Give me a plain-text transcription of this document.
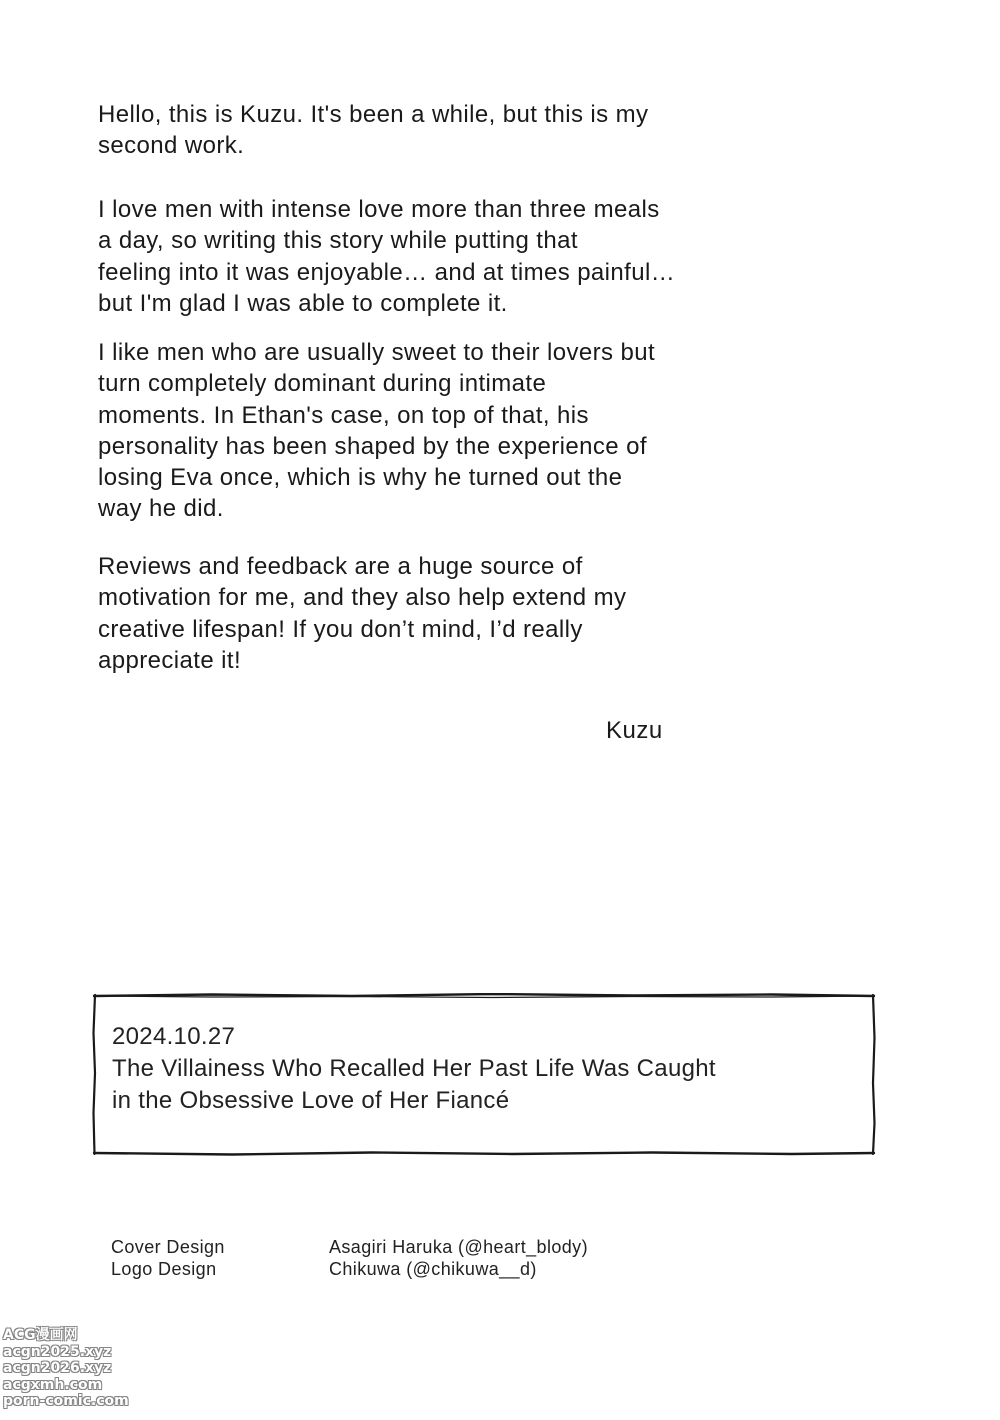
Hello, this is Kuzu. It's been a while, but this is my
second work.
I love men with intense love more than three meals
a day, so writing this story while putting that
feeling into it was enjoyable… and at times painful…
but I'm glad I was able to complete it.
I like men who are usually sweet to their lovers but
turn completely dominant during intimate
moments. In Ethan's case, on top of that, his
personality has been shaped by the experience of
losing Eva once, which is why he turned out the
way he did.
Reviews and feedback are a huge source of
motivation for me, and they also help extend my
creative lifespan! If you don’t mind, I’d really
appreciate it!
Kuzu
2024.10.27
The Villainess Who Recalled Her Past Life Was Caught
in the Obsessive Love of Her Fiancé
Cover Design
Logo Design
Asagiri Haruka (@heart_blody)
Chikuwa (@chikuwa__d)
ACG漫画网
acgn2025.xyz
acgn2026.xyz
acgxmh.com
porn-comic.com
